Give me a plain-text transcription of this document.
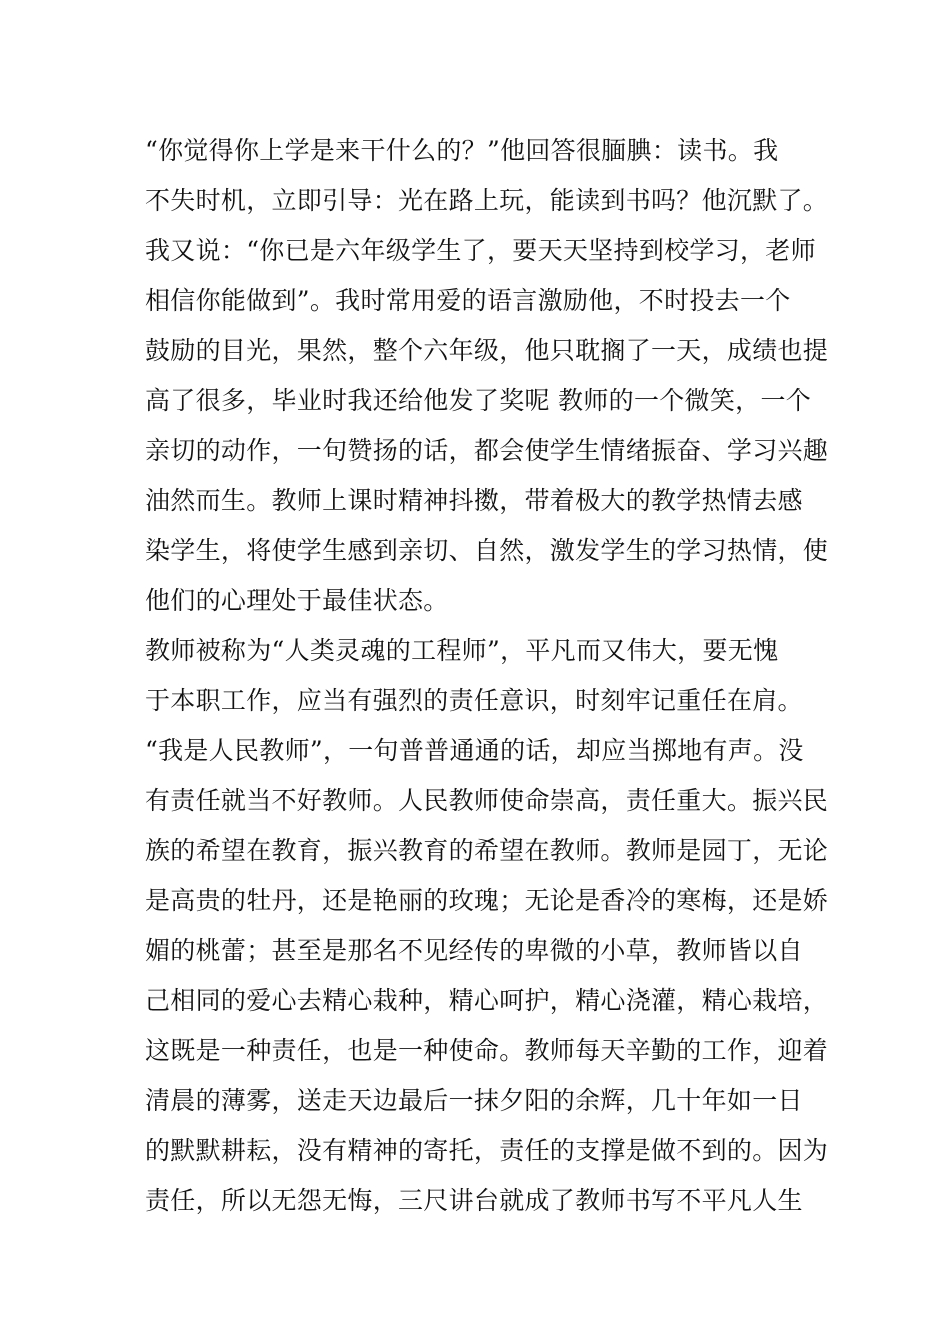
“你觉得你上学是来干什么的？”他回答很腼腆：读书。我
不失时机，立即引导：光在路上玩，能读到书吗？他沉默了。
我又说：“你已是六年级学生了，要天天坚持到校学习，老师
相信你能做到”。我时常用爱的语言激励他，不时投去一个
鼓励的目光，果然，整个六年级，他只耽搁了一天，成绩也提
高了很多，毕业时我还给他发了奖呢 教师的一个微笑，一个
亲切的动作，一句赞扬的话，都会使学生情绪振奋、学习兴趣
油然而生。教师上课时精神抖擞，带着极大的教学热情去感
染学生，将使学生感到亲切、自然，激发学生的学习热情，使
他们的心理处于最佳状态。
教师被称为“人类灵魂的工程师”，平凡而又伟大，要无愧
于本职工作，应当有强烈的责任意识，时刻牢记重任在肩。
“我是人民教师”，一句普普通通的话，却应当掷地有声。没
有责任就当不好教师。人民教师使命崇高，责任重大。振兴民
族的希望在教育，振兴教育的希望在教师。教师是园丁，无论
是高贵的牡丹，还是艳丽的玫瑰；无论是香冷的寒梅，还是娇
媚的桃蕾；甚至是那名不见经传的卑微的小草，教师皆以自
己相同的爱心去精心栽种，精心呵护，精心浇灌，精心栽培，
这既是一种责任，也是一种使命。教师每天辛勤的工作，迎着
清晨的薄雾，送走天边最后一抹夕阳的余辉，几十年如一日
的默默耕耘，没有精神的寄托，责任的支撑是做不到的。因为
责任，所以无怨无悔，三尺讲台就成了教师书写不平凡人生
